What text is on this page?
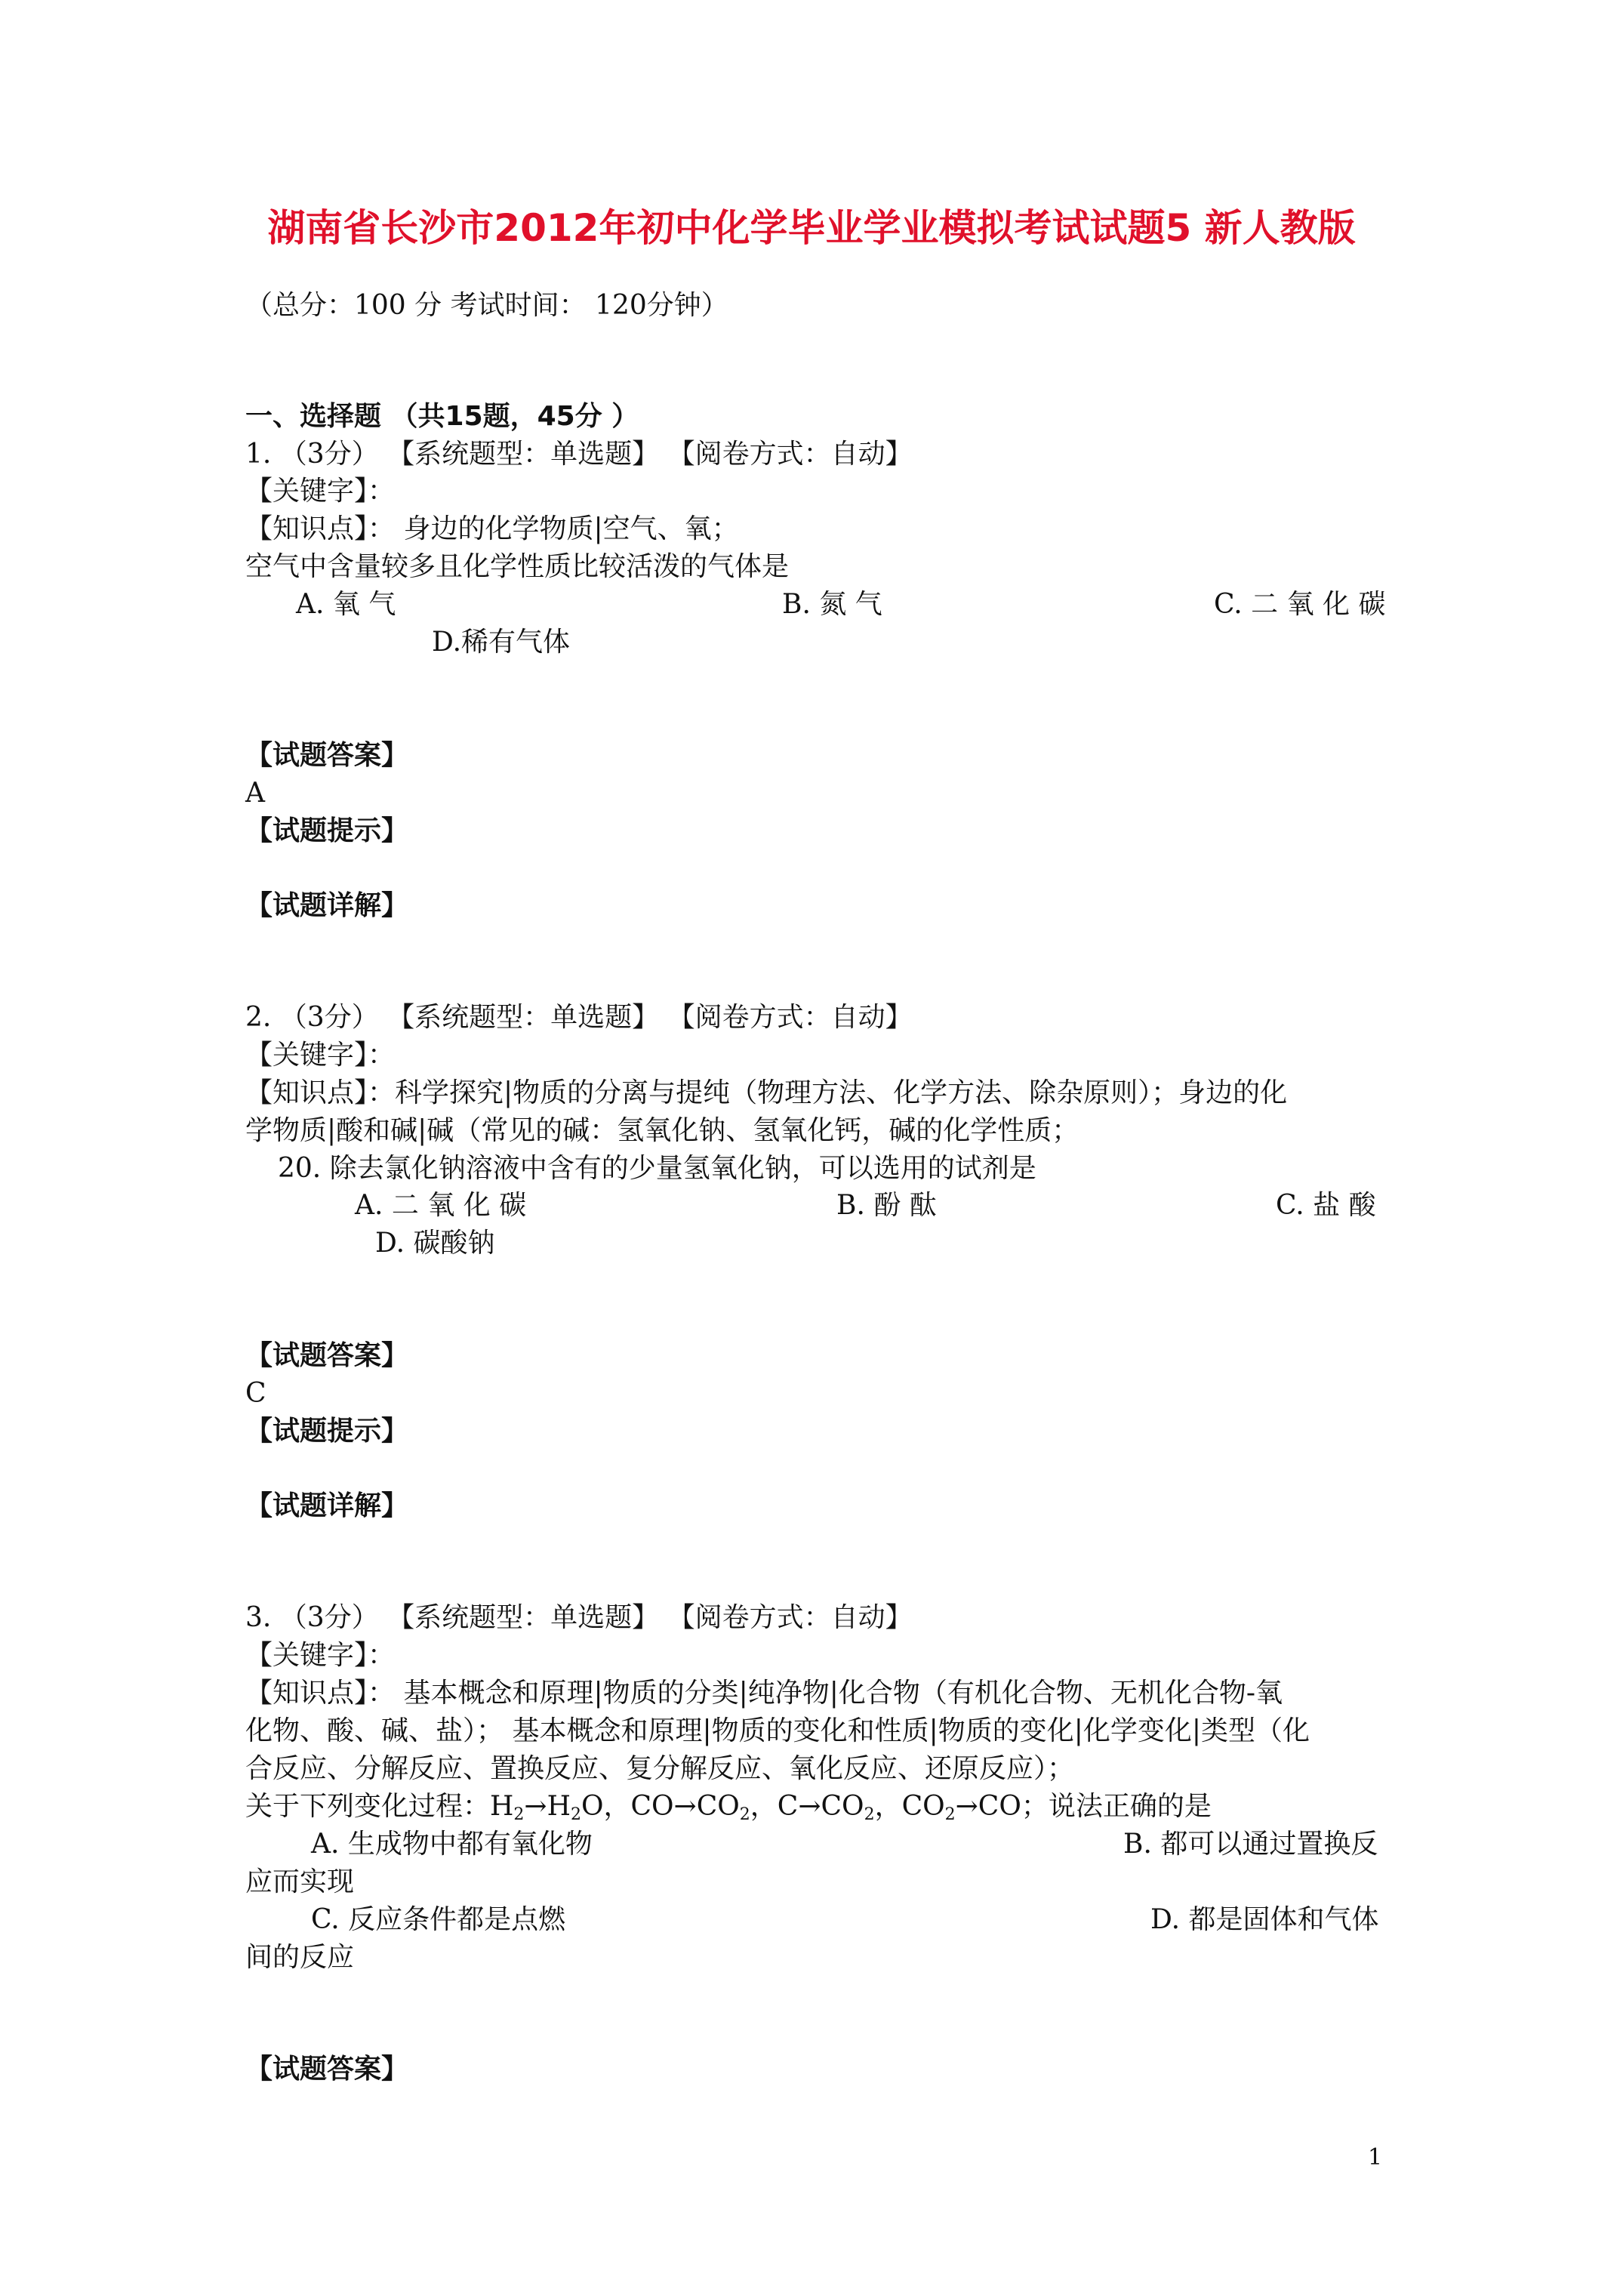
湖南省长沙市2012年初中化学毕业学业模拟考试试题5 新人教版
（总分：100 分 考试时间： 120分钟）
一、选择题 （共15题，45分 ）
1. （3分） 【系统题型：单选题】 【阅卷方式：自动】
【关键字】：
【知识点】： 身边的化学物质|空气、氧；
空气中含量较多且化学性质比较活泼的气体是
A. 氧 气	B. 氮 气	C. 二 氧 化 碳
D.稀有气体
【试题答案】
A
【试题提示】
【试题详解】
2. （3分） 【系统题型：单选题】 【阅卷方式：自动】
【关键字】：
【知识点】：科学探究|物质的分离与提纯（物理方法、化学方法、除杂原则）；身边的化
学物质|酸和碱|碱（常见的碱：氢氧化钠、氢氧化钙，碱的化学性质；
20. 除去氯化钠溶液中含有的少量氢氧化钠，可以选用的试剂是
A. 二 氧 化 碳	B. 酚 酞	C. 盐 酸
D. 碳酸钠
【试题答案】
C
【试题提示】
【试题详解】
3. （3分） 【系统题型：单选题】 【阅卷方式：自动】
【关键字】：
【知识点】： 基本概念和原理|物质的分类|纯净物|化合物（有机化合物、无机化合物-氧
化物、酸、碱、盐）； 基本概念和原理|物质的变化和性质|物质的变化|化学变化|类型（化
合反应、分解反应、置换反应、复分解反应、氧化反应、还原反应）；
关于下列变化过程：$H_2\to H_2O$，$CO\to CO_2$，$C\to CO_2$，$CO_2\to CO$；说法正确的是
A. 生成物中都有氧化物	B. 都可以通过置换反
应而实现
C. 反应条件都是点燃	D. 都是固体和气体
间的反应
【试题答案】
1
